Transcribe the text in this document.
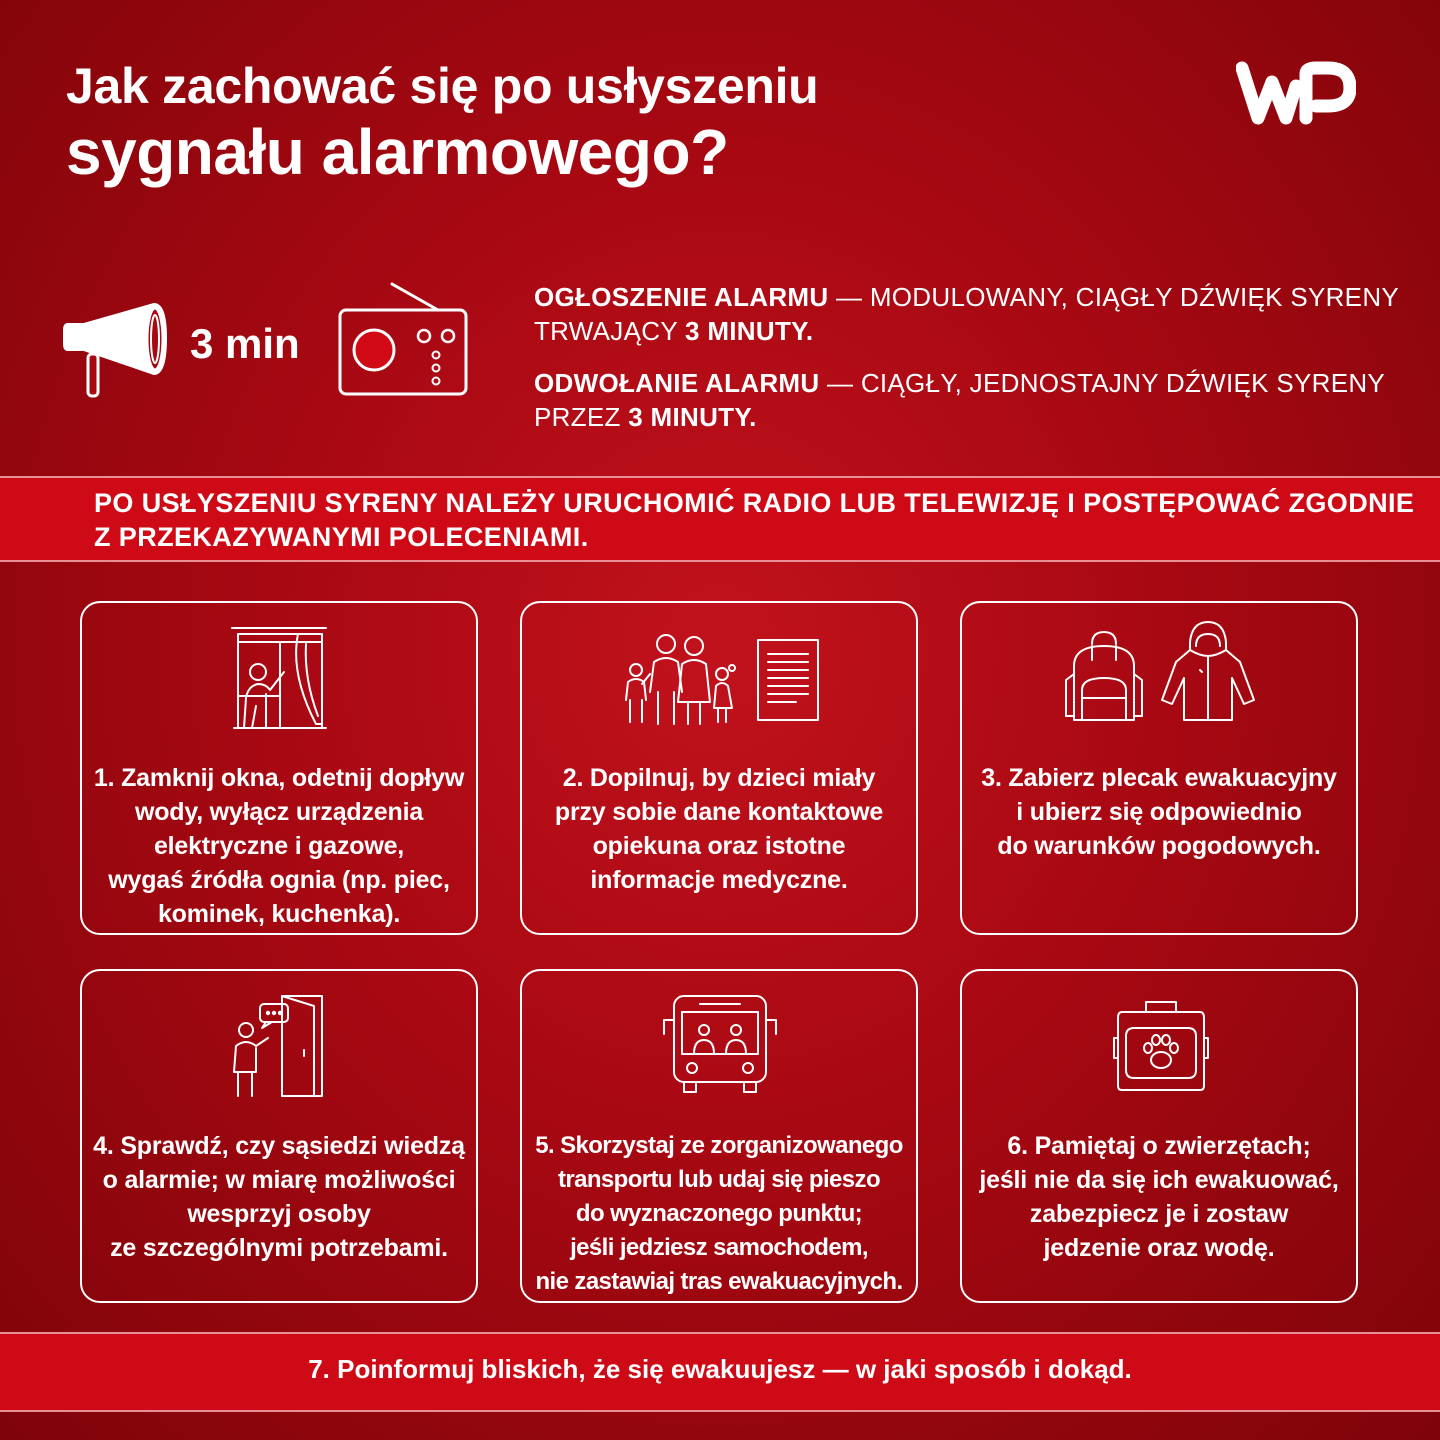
Jak zachować się po usłyszeniu
sygnału alarmowego?
3 min
OGŁOSZENIE ALARMU — MODULOWANY, CIĄGŁY DŹWIĘK SYRENY
TRWAJĄCY 3 MINUTY.
ODWOŁANIE ALARMU — CIĄGŁY, JEDNOSTAJNY DŹWIĘK SYRENY
PRZEZ 3 MINUTY.
PO USŁYSZENIU SYRENY NALEŻY URUCHOMIĆ RADIO LUB TELEWIZJĘ I POSTĘPOWAĆ ZGODNIE
Z PRZEKAZYWANYMI POLECENIAMI.
1. Zamknij okna, odetnij dopływ
wody, wyłącz urządzenia
elektryczne i gazowe,
wygaś źródła ognia (np. piec,
kominek, kuchenka).
2. Dopilnuj, by dzieci miały
przy sobie dane kontaktowe
opiekuna oraz istotne
informacje medyczne.
3. Zabierz plecak ewakuacyjny
i ubierz się odpowiednio
do warunków pogodowych.
4. Sprawdź, czy sąsiedzi wiedzą
o alarmie; w miarę możliwości
wesprzyj osoby
ze szczególnymi potrzebami.
5. Skorzystaj ze zorganizowanego
transportu lub udaj się pieszo
do wyznaczonego punktu;
jeśli jedziesz samochodem,
nie zastawiaj tras ewakuacyjnych.
6. Pamiętaj o zwierzętach;
jeśli nie da się ich ewakuować,
zabezpiecz je i zostaw
jedzenie oraz wodę.
7. Poinformuj bliskich, że się ewakuujesz — w jaki sposób i dokąd.
